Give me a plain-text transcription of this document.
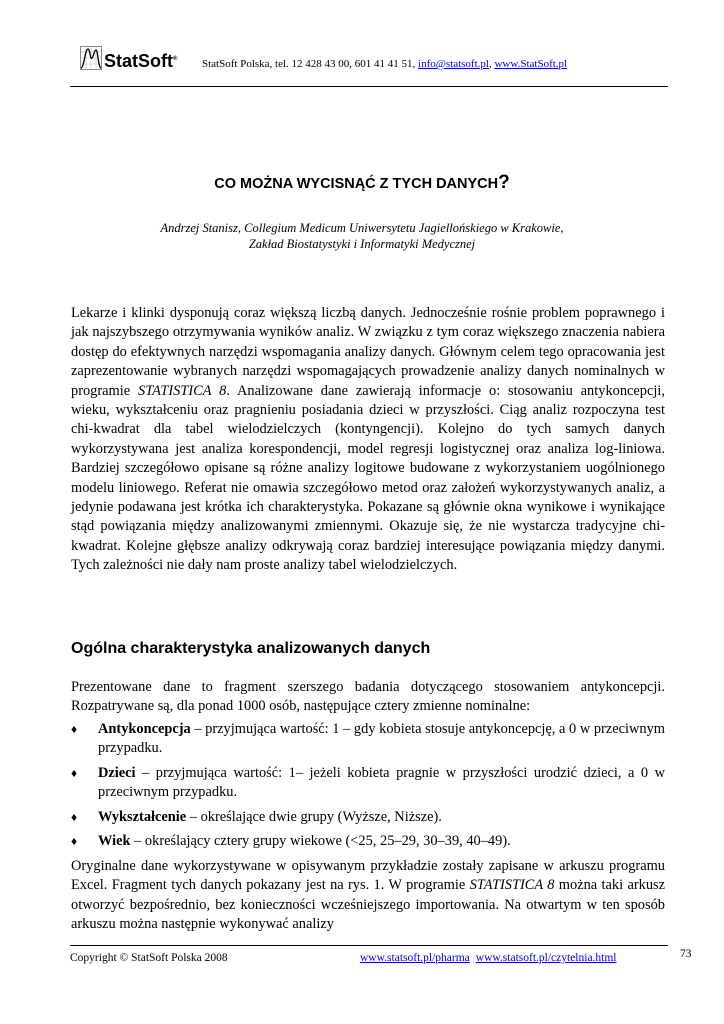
StatSoft® StatSoft Polska, tel. 12 428 43 00, 601 41 41 51, info@statsoft.pl, www.StatSoft.pl
CO MOŻNA WYCISNĄĆ Z TYCH DANYCH?
Andrzej Stanisz, Collegium Medicum Uniwersytetu Jagiellońskiego w Krakowie,
Zakład Biostatystyki i Informatyki Medycznej
Lekarze i klinki dysponują coraz większą liczbą danych. Jednocześnie rośnie problem poprawnego i jak najszybszego otrzymywania wyników analiz. W związku z tym coraz większego znaczenia nabiera dostęp do efektywnych narzędzi wspomagania analizy danych. Głównym celem tego opracowania jest zaprezentowanie wybranych narzędzi wspomagających prowadzenie analizy danych nominalnych w programie STATISTICA 8. Analizowane dane zawierają informacje o: stosowaniu antykoncepcji, wieku, wykształceniu oraz pragnieniu posiadania dzieci w przyszłości. Ciąg analiz rozpoczyna test chi-kwadrat dla tabel wielodzielczych (kontyngencji). Kolejno do tych samych danych wykorzystywana jest analiza korespondencji, model regresji logistycznej oraz analiza log-liniowa. Bardziej szczegółowo opisane są różne analizy logitowe budowane z wykorzystaniem uogólnionego modelu liniowego. Referat nie omawia szczegółowo metod oraz założeń wykorzystywanych analiz, a jedynie podawana jest krótka ich charakterystyka. Pokazane są głównie okna wynikowe i wynikające stąd powiązania między analizowanymi zmiennymi. Okazuje się, że nie wystarcza tradycyjne chi-kwadrat. Kolejne głębsze analizy odkrywają coraz bardziej interesujące powiązania między danymi. Tych zależności nie dały nam proste analizy tabel wielodzielczych.
Ogólna charakterystyka analizowanych danych
Prezentowane dane to fragment szerszego badania dotyczącego stosowaniem antykoncepcji. Rozpatrywane są, dla ponad 1000 osób, następujące cztery zmienne nominalne:
♦ Antykoncepcja – przyjmująca wartość: 1 – gdy kobieta stosuje antykoncepcję, a 0 w przeciwnym przypadku.
♦ Dzieci – przyjmująca wartość: 1– jeżeli kobieta pragnie w przyszłości urodzić dzieci, a 0 w przeciwnym przypadku.
♦ Wykształcenie – określające dwie grupy (Wyższe, Niższe).
♦ Wiek – określający cztery grupy wiekowe (<25, 25–29, 30–39, 40–49).
Oryginalne dane wykorzystywane w opisywanym przykładzie zostały zapisane w arkuszu programu Excel. Fragment tych danych pokazany jest na rys. 1. W programie STATISTICA 8 można taki arkusz otworzyć bezpośrednio, bez konieczności wcześniejszego importowania. Na otwartym w ten sposób arkuszu można następnie wykonywać analizy
Copyright © StatSoft Polska 2008	www.statsoft.pl/pharma www.statsoft.pl/czytelnia.html	73
